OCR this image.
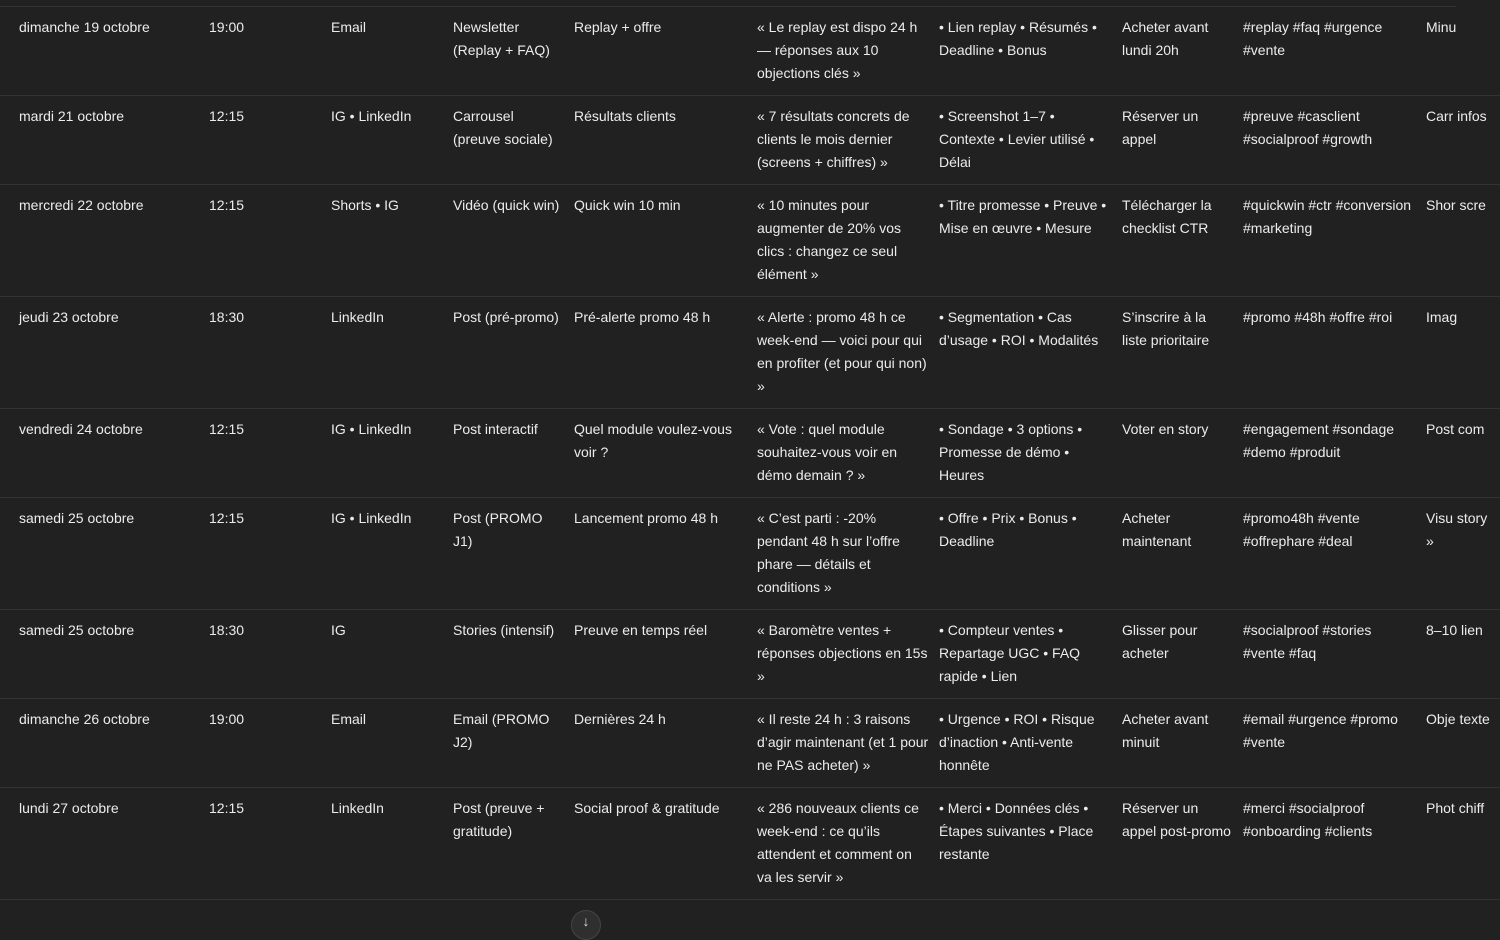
dimanche 19 octobre	19:00	Email	Newsletter (Replay + FAQ)	Replay + offre	« Le replay est dispo 24 h — réponses aux 10 objections clés »	• Lien replay • Résumés • Deadline • Bonus	Acheter avant lundi 20h	#replay #faq #urgence #vente	Minu
mardi 21 octobre	12:15	IG • LinkedIn	Carrousel (preuve sociale)	Résultats clients	« 7 résultats concrets de clients le mois dernier (screens + chiffres) »	• Screenshot 1–7 • Contexte • Levier utilisé • Délai	Réserver un appel	#preuve #casclient #socialproof #growth	Carr infos
mercredi 22 octobre	12:15	Shorts • IG	Vidéo (quick win)	Quick win 10 min	« 10 minutes pour augmenter de 20% vos clics : changez ce seul élément »	• Titre promesse • Preuve • Mise en œuvre • Mesure	Télécharger la checklist CTR	#quickwin #ctr #conversion #marketing	Shor scre
jeudi 23 octobre	18:30	LinkedIn	Post (pré-promo)	Pré-alerte promo 48 h	« Alerte : promo 48 h ce week-end — voici pour qui en profiter (et pour qui non) »	• Segmentation • Cas d’usage • ROI • Modalités	S’inscrire à la liste prioritaire	#promo #48h #offre #roi	Imag
vendredi 24 octobre	12:15	IG • LinkedIn	Post interactif	Quel module voulez-vous voir ?	« Vote : quel module souhaitez-vous voir en démo demain ? »	• Sondage • 3 options • Promesse de démo • Heures	Voter en story	#engagement #sondage #demo #produit	Post com
samedi 25 octobre	12:15	IG • LinkedIn	Post (PROMO J1)	Lancement promo 48 h	« C’est parti : -20% pendant 48 h sur l’offre phare — détails et conditions »	• Offre • Prix • Bonus • Deadline	Acheter maintenant	#promo48h #vente #offrephare #deal	Visu story »
samedi 25 octobre	18:30	IG	Stories (intensif)	Preuve en temps réel	« Baromètre ventes + réponses objections en 15s »	• Compteur ventes • Repartage UGC • FAQ rapide • Lien	Glisser pour acheter	#socialproof #stories #vente #faq	8–10 lien
dimanche 26 octobre	19:00	Email	Email (PROMO J2)	Dernières 24 h	« Il reste 24 h : 3 raisons d’agir maintenant (et 1 pour ne PAS acheter) »	• Urgence • ROI • Risque d’inaction • Anti-vente honnête	Acheter avant minuit	#email #urgence #promo #vente	Obje texte
lundi 27 octobre	12:15	LinkedIn	Post (preuve + gratitude)	Social proof & gratitude	« 286 nouveaux clients ce week-end : ce qu’ils attendent et comment on va les servir »	• Merci • Données clés • Étapes suivantes • Place restante	Réserver un appel post-promo	#merci #socialproof #onboarding #clients	Phot chiff
↓
